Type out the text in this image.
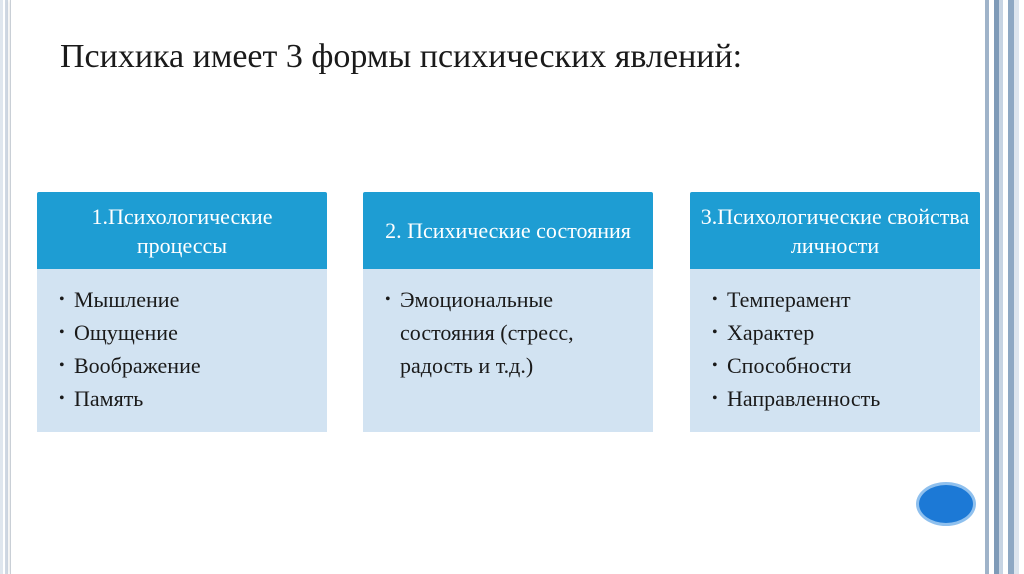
Психика имеет 3 формы психических явлений:
1.Психологические процессы
• Мышление
• Ощущение
• Воображение
• Память
2. Психические состояния
• Эмоциональные состояния (стресс, радость и т.д.)
3.Психологические свойства личности
• Темперамент
• Характер
• Способности
• Направленность
